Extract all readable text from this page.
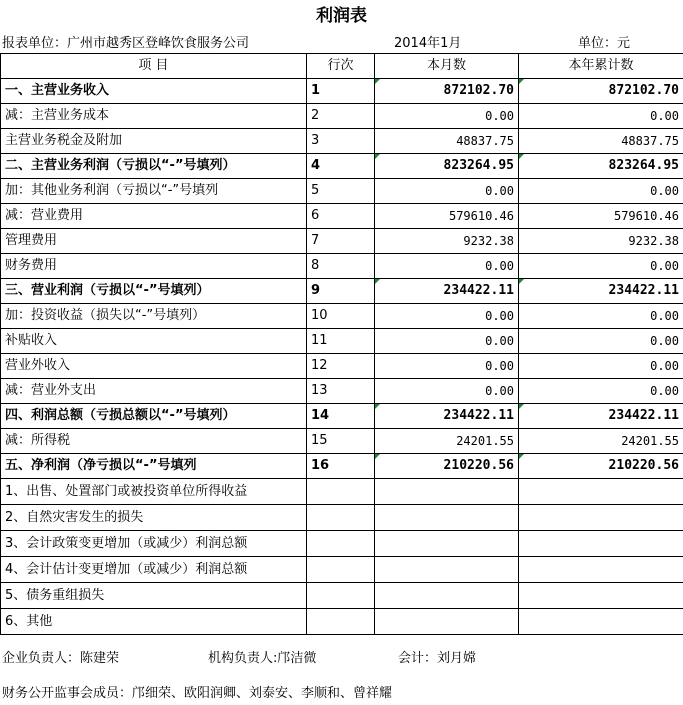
利润表
报表单位：广州市越秀区登峰饮食服务公司	2014年1月	单位：元
项 目	行次	本月数	本年累计数
一、主营业务收入	1	872102.70	872102.70
减：主营业务成本	2	0.00	0.00
主营业务税金及附加	3	48837.75	48837.75
二、主营业务利润（亏损以“-”号填列）	4	823264.95	823264.95
加：其他业务利润（亏损以“-”号填列	5	0.00	0.00
减：营业费用	6	579610.46	579610.46
管理费用	7	9232.38	9232.38
财务费用	8	0.00	0.00
三、营业利润（亏损以“-”号填列）	9	234422.11	234422.11
加：投资收益（损失以“-”号填列）	10	0.00	0.00
补贴收入	11	0.00	0.00
营业外收入	12	0.00	0.00
减：营业外支出	13	0.00	0.00
四、利润总额（亏损总额以“-”号填列）	14	234422.11	234422.11
减：所得税	15	24201.55	24201.55
五、净利润（净亏损以“-”号填列	16	210220.56	210220.56
1、出售、处置部门或被投资单位所得收益			
2、自然灾害发生的损失			
3、会计政策变更增加（或减少）利润总额			
4、会计估计变更增加（或减少）利润总额			
5、债务重组损失			
6、其他			
企业负责人：陈建荣	机构负责人:邝洁微	会计：刘月嫦
财务公开监事会成员：邝细荣、欧阳润卿、刘泰安、李顺和、曾祥耀
